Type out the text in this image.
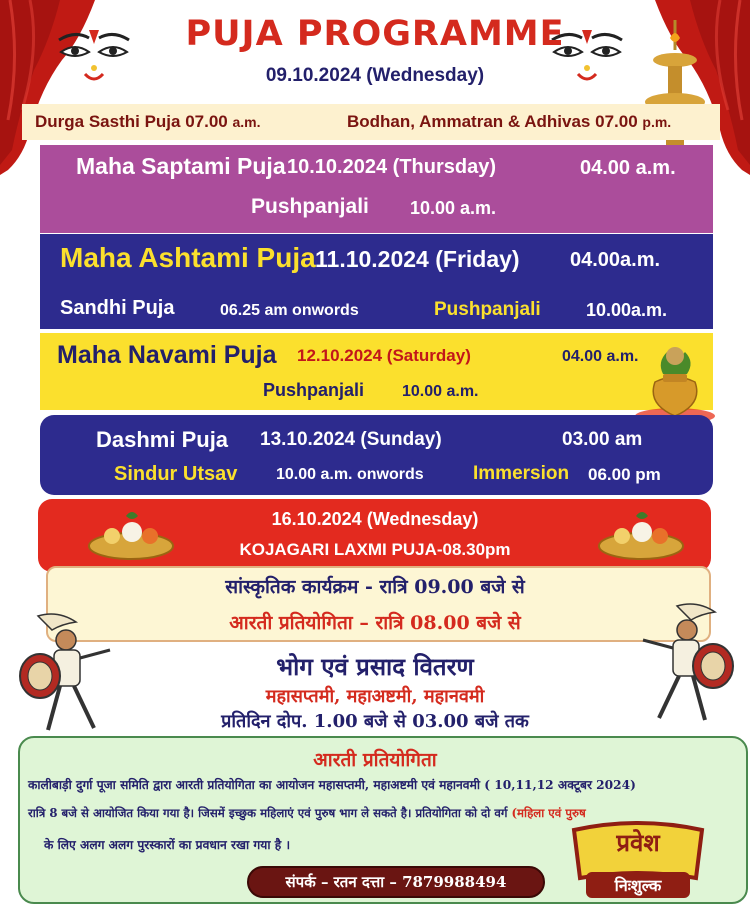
PUJA PROGRAMME
09.10.2024 (Wednesday)
Durga Sasthi Puja 07.00 a.m.	Bodhan, Ammatran & Adhivas 07.00 p.m.
Maha Saptami Puja 10.10.2024 (Thursday)	04.00 a.m.
Pushpanjali 10.00 a.m.
Maha Ashtami Puja 11.10.2024 (Friday)	04.00a.m.
Sandhi Puja	06.25 am onwords	Pushpanjali	10.00a.m.
Maha Navami Puja 12.10.2024 (Saturday)	04.00 a.m.
Pushpanjali 10.00 a.m.
Dashmi Puja 13.10.2024 (Sunday)	03.00 am
Sindur Utsav 10.00 a.m. onwords	Immersion 06.00 pm
16.10.2024 (Wednesday)
KOJAGARI LAXMI PUJA-08.30pm
सांस्कृतिक कार्यक्रम - रात्रि 09.00 बजे से
आरती प्रतियोगिता – रात्रि 08.00 बजे से
भोग एवं प्रसाद वितरण
महासप्तमी, महाअष्टमी, महानवमी
प्रतिदिन दोप. 1.00 बजे से 03.00 बजे तक
आरती प्रतियोगिता
कालीबाड़ी दुर्गा पूजा समिति द्वारा आरती प्रतियोगिता का आयोजन महासप्तमी, महाअष्टमी एवं महानवमी ( 10,11,12 अक्टूबर 2024)
रात्रि 8 बजे से आयोजित किया गया है। जिसमें इच्छुक महिलाएं एवं पुरुष भाग ले सकते है। प्रतियोगिता को दो वर्ग (महिला एवं पुरुष
के लिए अलग अलग पुरस्कारों का प्रवधान रखा गया है ।
संपर्क – रतन दत्ता – 7879988494
प्रवेश
निःशुल्क
